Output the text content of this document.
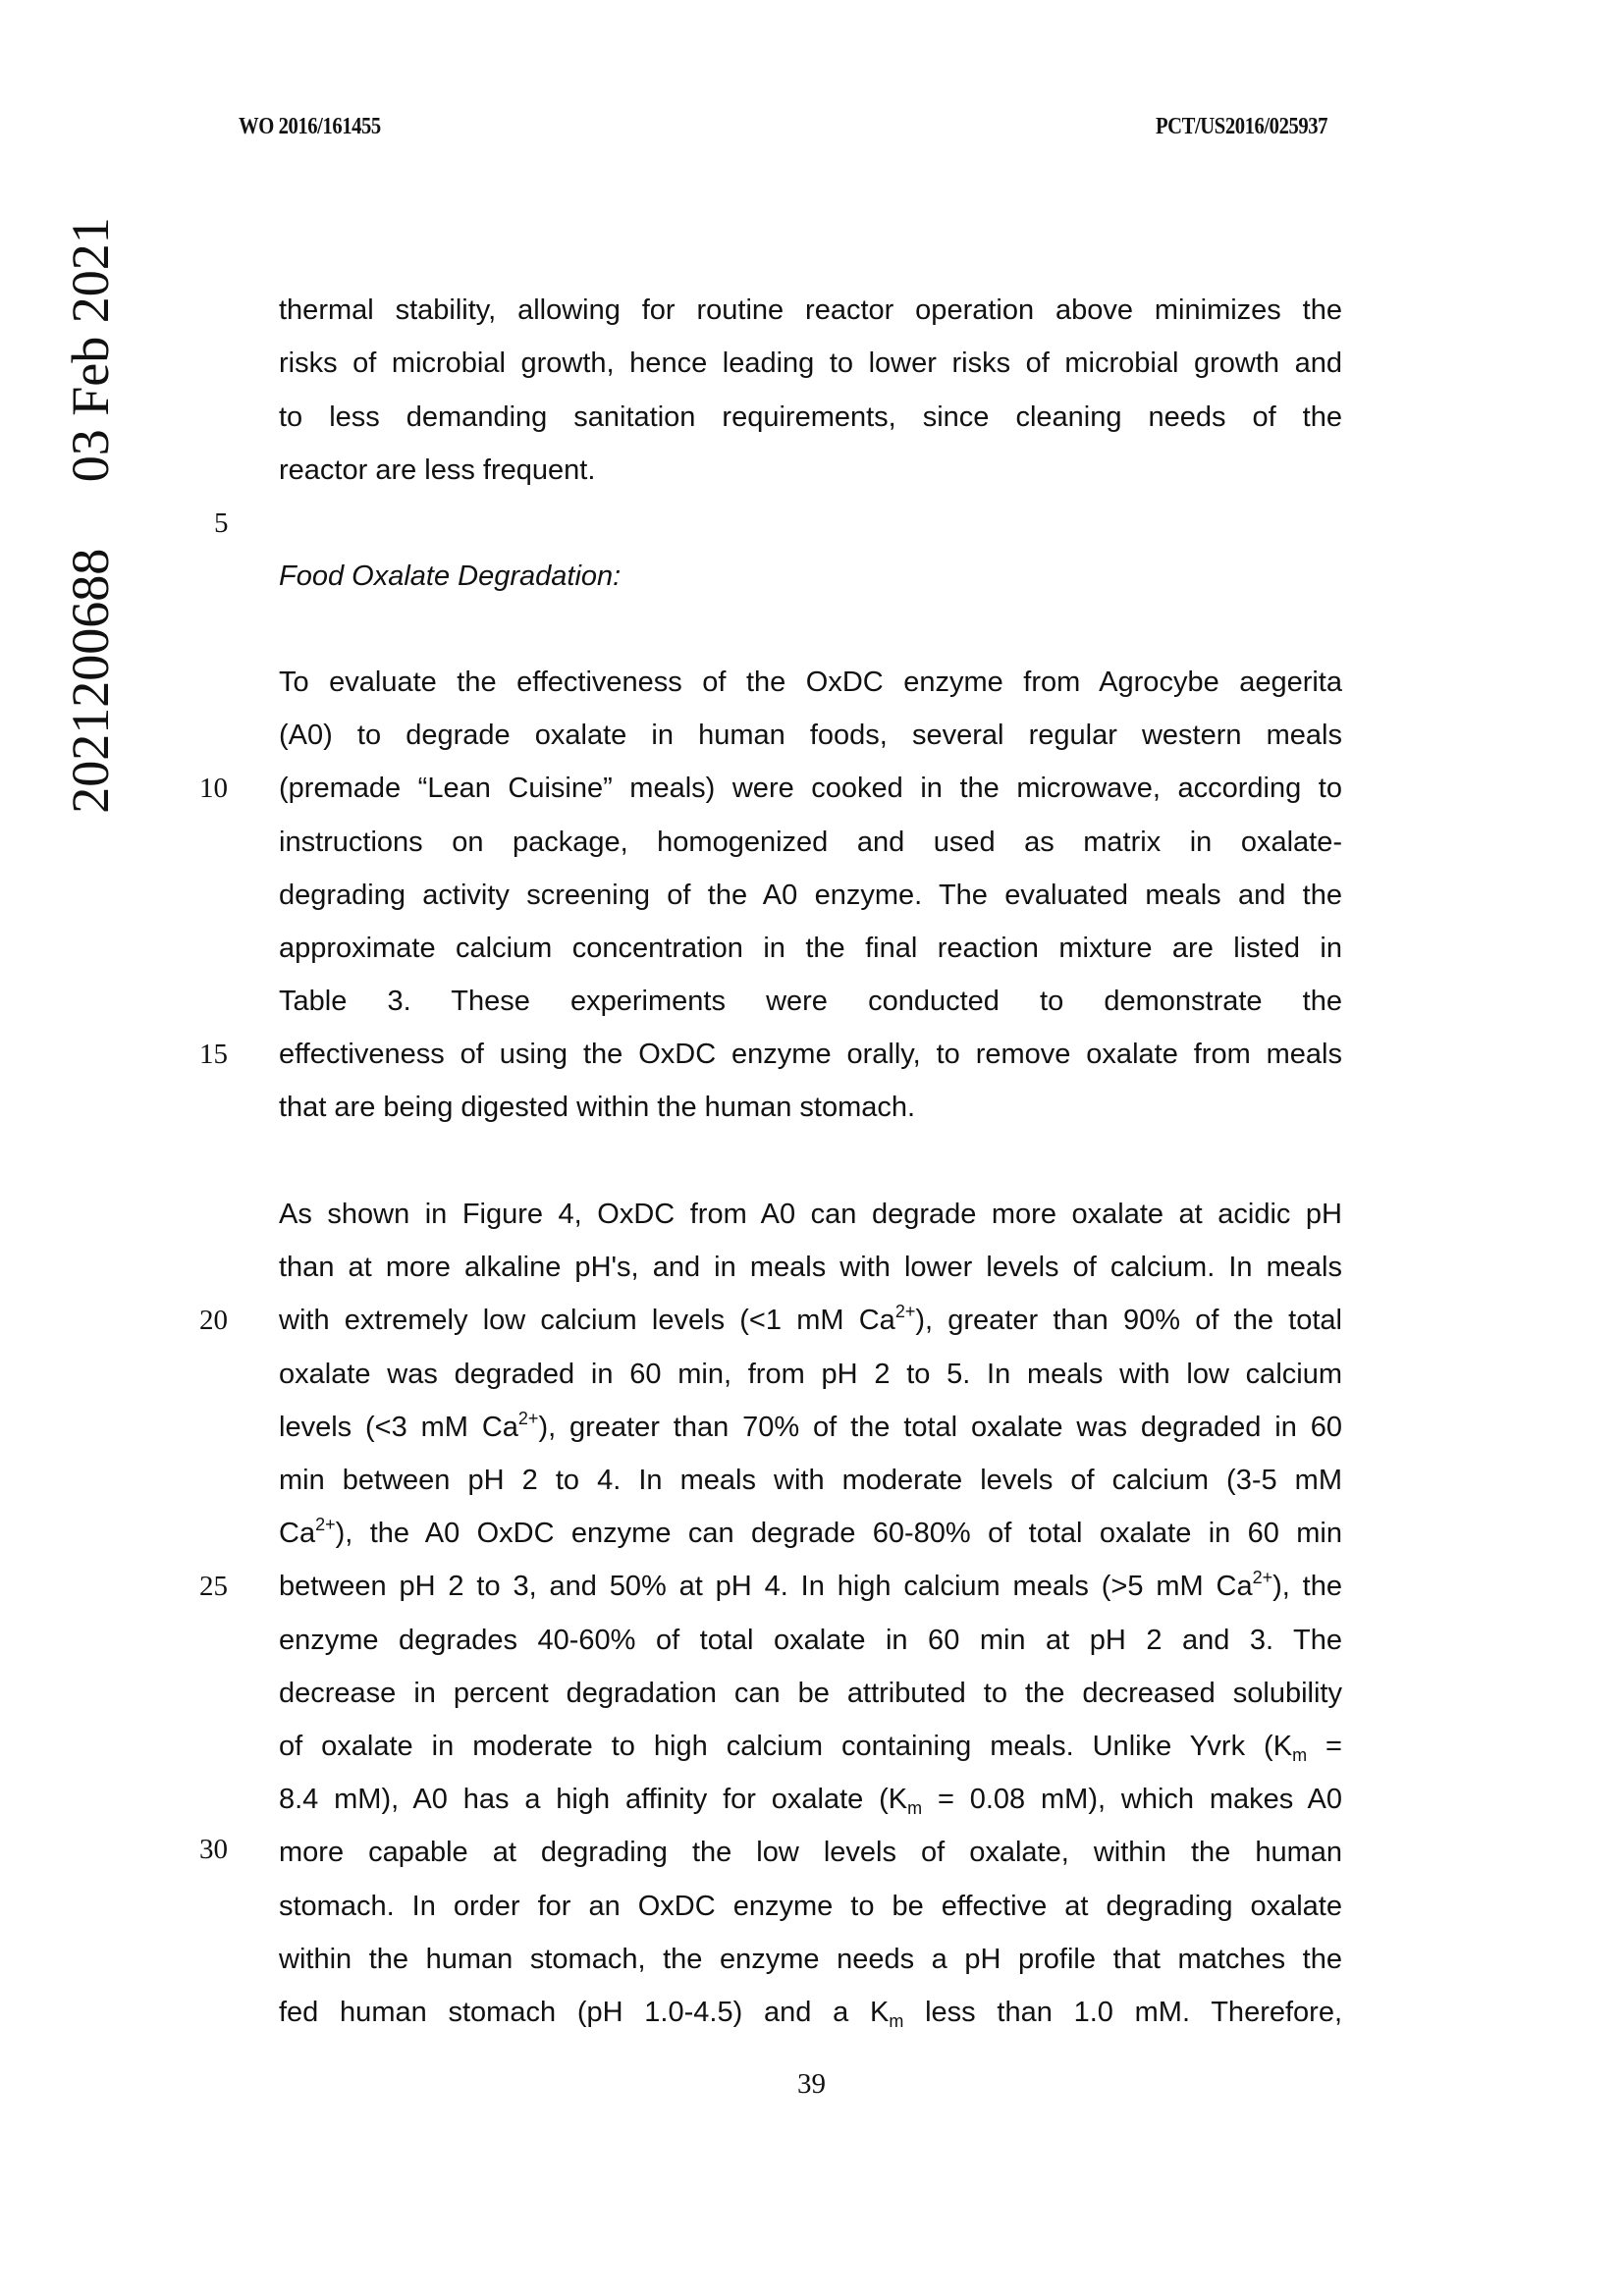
WO 2016/161455	PCT/US2016/025937
2021200688     03 Feb 2021	thermal stability, allowing for routine reactor operation above minimizes the
risks of microbial growth, hence leading to lower risks of microbial growth and
to less demanding sanitation requirements, since cleaning needs of the
reactor are less frequent.
5
Food Oxalate Degradation:
To evaluate the effectiveness of the OxDC enzyme from Agrocybe aegerita
(A0) to degrade oxalate in human foods, several regular western meals
(premade “Lean Cuisine” meals) were cooked in the microwave, according to
instructions on package, homogenized and used as matrix in oxalate-
degrading activity screening of the A0 enzyme. The evaluated meals and the
approximate calcium concentration in the final reaction mixture are listed in
Table 3. These experiments were conducted to demonstrate the
effectiveness of using the OxDC enzyme orally, to remove oxalate from meals
that are being digested within the human stomach.
10
15
As shown in Figure 4, OxDC from A0 can degrade more oxalate at acidic pH
than at more alkaline pH's, and in meals with lower levels of calcium. In meals
with extremely low calcium levels (<1 mM $Ca^{2+}$), greater than 90% of the total
oxalate was degraded in 60 min, from pH 2 to 5. In meals with low calcium
levels (<3 mM $Ca^{2+}$), greater than 70% of the total oxalate was degraded in 60
min between pH 2 to 4. In meals with moderate levels of calcium (3-5 mM
$Ca^{2+}$), the A0 OxDC enzyme can degrade 60-80% of total oxalate in 60 min
between pH 2 to 3, and 50% at pH 4. In high calcium meals (>5 mM $Ca^{2+}$), the
enzyme degrades 40-60% of total oxalate in 60 min at pH 2 and 3. The
decrease in percent degradation can be attributed to the decreased solubility
of oxalate in moderate to high calcium containing meals. Unlike Yvrk ($K_m$ =
8.4 mM), A0 has a high affinity for oxalate ($K_m = 0.08$ mM), which makes A0
more capable at degrading the low levels of oxalate, within the human
stomach. In order for an OxDC enzyme to be effective at degrading oxalate
within the human stomach, the enzyme needs a pH profile that matches the
fed human stomach (pH 1.0-4.5) and a $K_m$ less than 1.0 mM. Therefore,
20
25
30
39
